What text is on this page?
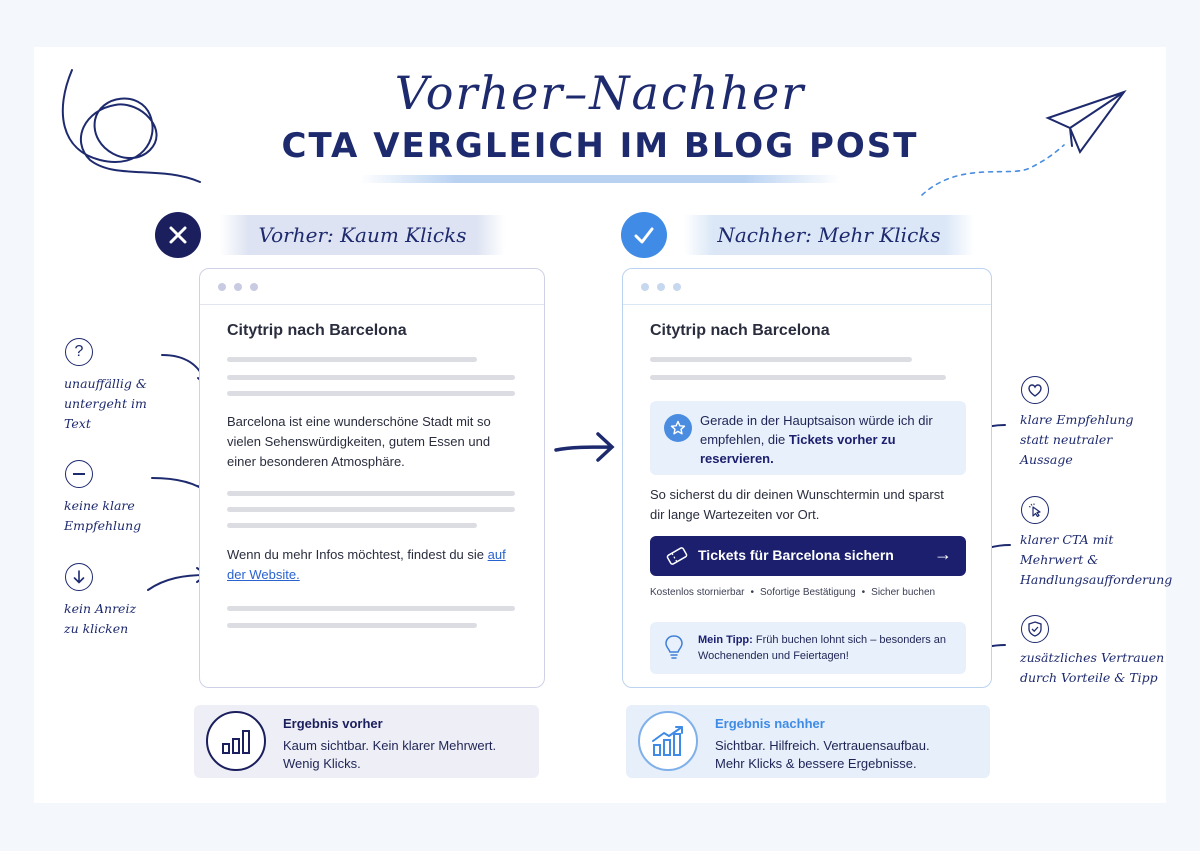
Vorher–Nachher
CTA VERGLEICH IM BLOG POST
Vorher: Kaum Klicks	Nachher: Mehr Klicks
Citytrip nach Barcelona
Barcelona ist eine wunderschöne Stadt mit so vielen Sehenswürdigkeiten, gutem Essen und einer besonderen Atmosphäre.
Wenn du mehr Infos möchtest, findest du sie auf der Website.
Citytrip nach Barcelona
Gerade in der Hauptsaison würde ich dir empfehlen, die Tickets vorher zu reservieren.
So sicherst du dir deinen Wunschtermin und sparst dir lange Wartezeiten vor Ort.
Tickets für Barcelona sichern →
Kostenlos stornierbar • Sofortige Bestätigung • Sicher buchen
Mein Tipp: Früh buchen lohnt sich – besonders an Wochenenden und Feiertagen!
Ergebnis vorher
Kaum sichtbar. Kein klarer Mehrwert.
Wenig Klicks.
Ergebnis nachher
Sichtbar. Hilfreich. Vertrauensaufbau.
Mehr Klicks & bessere Ergebnisse.
?
unauffällig &
untergeht im
Text
keine klare
Empfehlung
kein Anreiz
zu klicken
klare Empfehlung
statt neutraler
Aussage
klarer CTA mit
Mehrwert &
Handlungsaufforderung
zusätzliches Vertrauen
durch Vorteile & Tipp
